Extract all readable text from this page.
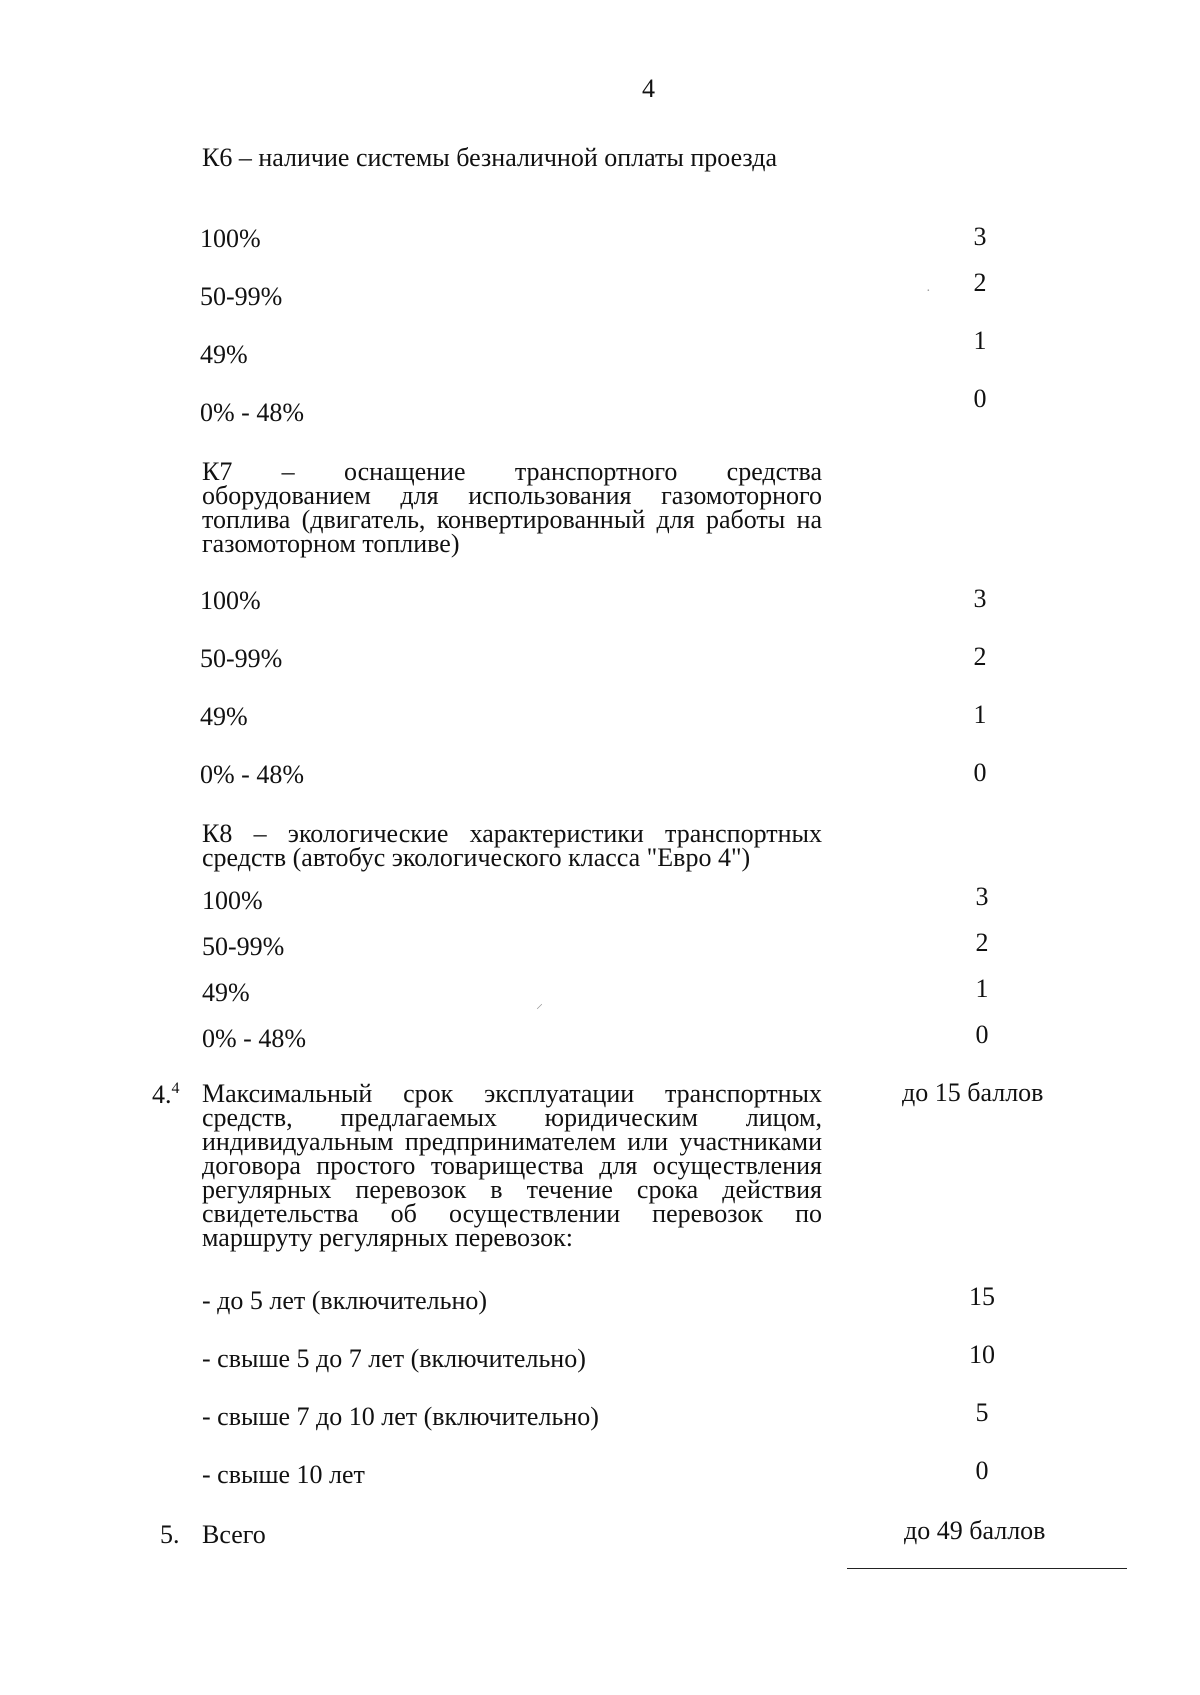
4
К6 – наличие системы безналичной оплаты проезда
100%	3
50-99%	2
49%	1
0% - 48%	0
К7 – оснащение транспортного средства оборудованием для использования газомоторного топлива (двигатель, конвертированный для работы на газомоторном топливе)
100%	3
50-99%	2
49%	1
0% - 48%	0
К8 – экологические характеристики транспортных средств (автобус экологического класса "Евро 4")
100%	3
50-99%	2
49%	1
0% - 48%	0
4.$^4$ Максимальный срок эксплуатации транспортных средств, предлагаемых юридическим лицом, индивидуальным предпринимателем или участниками договора простого товарищества для осуществления регулярных перевозок в течение срока действия свидетельства об осуществлении перевозок по маршруту регулярных перевозок:
до 15 баллов
- до 5 лет (включительно)	15
- свыше 5 до 7 лет (включительно)	10
- свыше 7 до 10 лет (включительно)	5
- свыше 10 лет	0
5. Всего	до 49 баллов
·
⸝
